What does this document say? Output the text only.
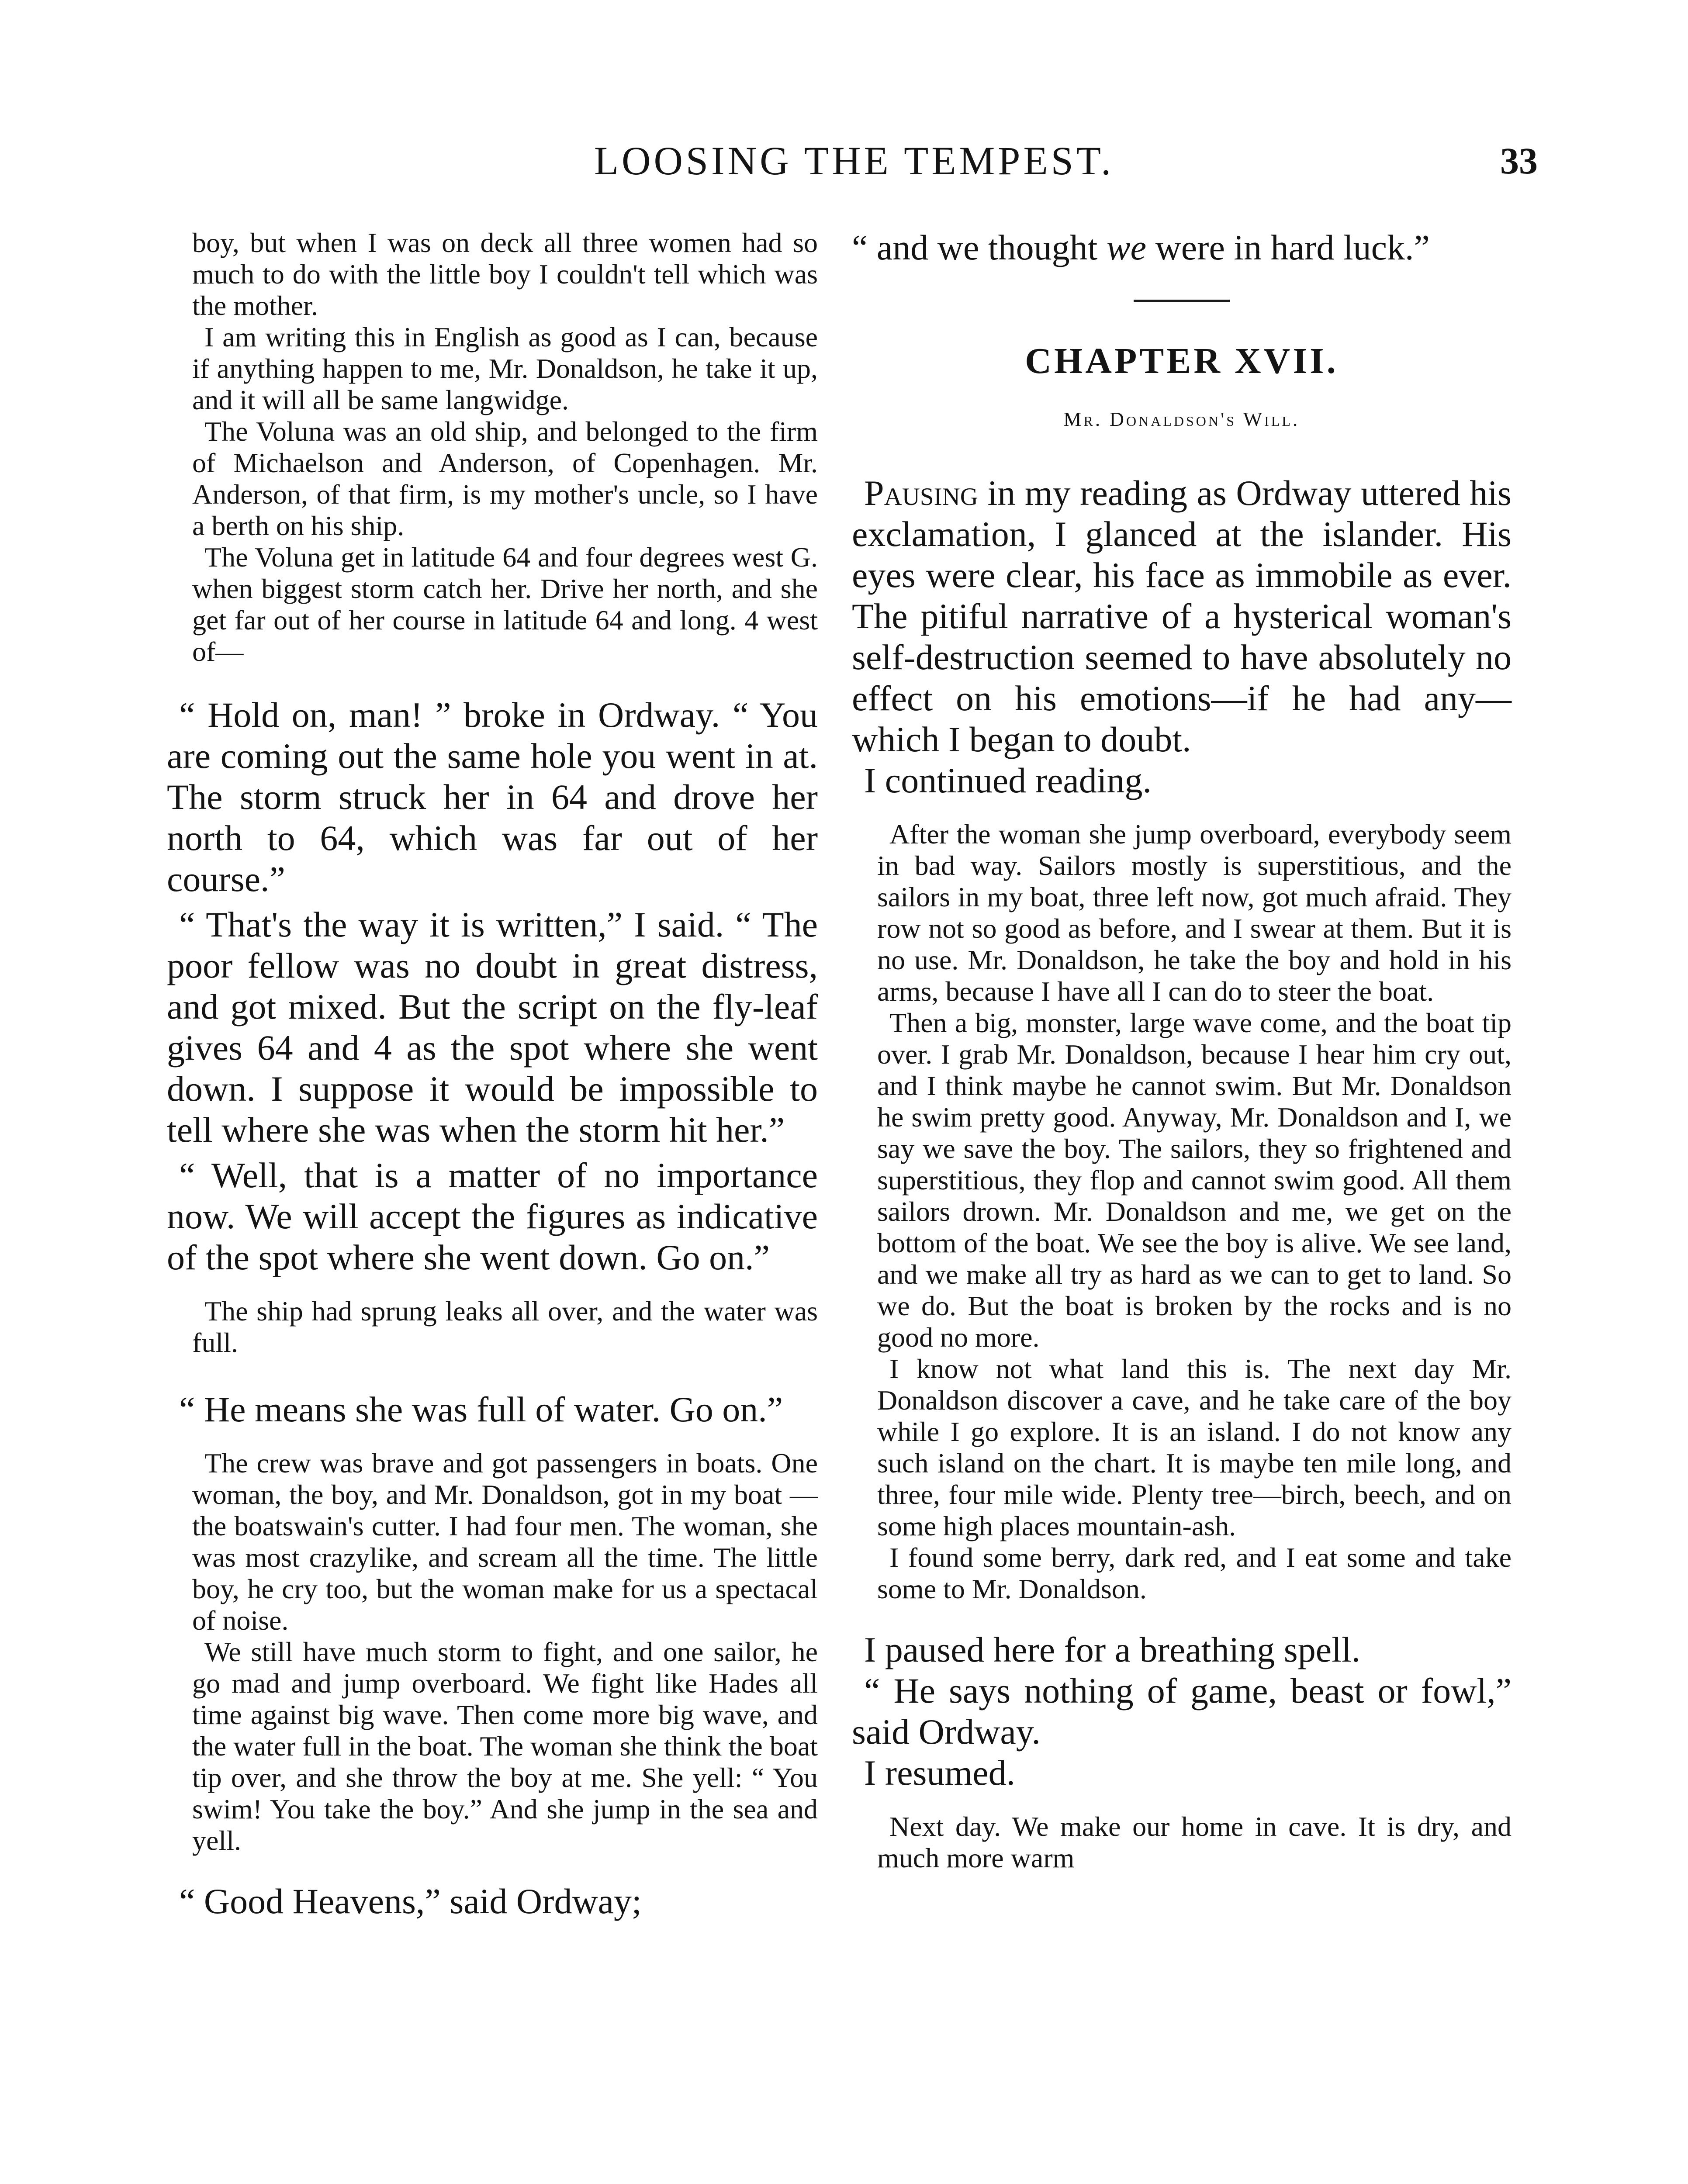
LOOSING THE TEMPEST.	33

boy, but when I was on deck all three women had so much to do with the little boy I couldn't tell which was the mother.

I am writing this in English as good as I can, because if anything happen to me, Mr. Donaldson, he take it up, and it will all be same langwidge.

The Voluna was an old ship, and belonged to the firm of Michaelson and Anderson, of Copenhagen. Mr. Anderson, of that firm, is my mother's uncle, so I have a berth on his ship.

The Voluna get in latitude 64 and four degrees west G. when biggest storm catch her. Drive her north, and she get far out of her course in latitude 64 and long. 4 west of—

“ Hold on, man! ” broke in Ordway. “ You are coming out the same hole you went in at. The storm struck her in 64 and drove her north to 64, which was far out of her course.”

“ That's the way it is written,” I said. “ The poor fellow was no doubt in great distress, and got mixed. But the script on the fly-leaf gives 64 and 4 as the spot where she went down. I suppose it would be impossible to tell where she was when the storm hit her.”

“ Well, that is a matter of no importance now. We will accept the figures as indicative of the spot where she went down. Go on.”

The ship had sprung leaks all over, and the water was full.

“ He means she was full of water. Go on.”

The crew was brave and got passengers in boats. One woman, the boy, and Mr. Donaldson, got in my boat — the boatswain's cutter. I had four men. The woman, she was most crazylike, and scream all the time. The little boy, he cry too, but the woman make for us a spectacal of noise.

We still have much storm to fight, and one sailor, he go mad and jump overboard. We fight like Hades all time against big wave. Then come more big wave, and the water full in the boat. The woman she think the boat tip over, and she throw the boy at me. She yell: “ You swim! You take the boy.” And she jump in the sea and yell.

“ Good Heavens,” said Ordway;

“ and we thought we were in hard luck.”

CHAPTER XVII.
Mr. Donaldson's Will.

Pausing in my reading as Ordway uttered his exclamation, I glanced at the islander. His eyes were clear, his face as immobile as ever. The pitiful narrative of a hysterical woman's self-destruction seemed to have absolutely no effect on his emotions—if he had any—which I began to doubt.

I continued reading.

After the woman she jump overboard, everybody seem in bad way. Sailors mostly is superstitious, and the sailors in my boat, three left now, got much afraid. They row not so good as before, and I swear at them. But it is no use. Mr. Donaldson, he take the boy and hold in his arms, because I have all I can do to steer the boat.

Then a big, monster, large wave come, and the boat tip over. I grab Mr. Donaldson, because I hear him cry out, and I think maybe he cannot swim. But Mr. Donaldson he swim pretty good. Anyway, Mr. Donaldson and I, we say we save the boy. The sailors, they so frightened and superstitious, they flop and cannot swim good. All them sailors drown. Mr. Donaldson and me, we get on the bottom of the boat. We see the boy is alive. We see land, and we make all try as hard as we can to get to land. So we do. But the boat is broken by the rocks and is no good no more.

I know not what land this is. The next day Mr. Donaldson discover a cave, and he take care of the boy while I go explore. It is an island. I do not know any such island on the chart. It is maybe ten mile long, and three, four mile wide. Plenty tree—birch, beech, and on some high places mountain-ash.

I found some berry, dark red, and I eat some and take some to Mr. Donaldson.

I paused here for a breathing spell.

“ He says nothing of game, beast or fowl,” said Ordway.

I resumed.

Next day. We make our home in cave. It is dry, and much more warm
